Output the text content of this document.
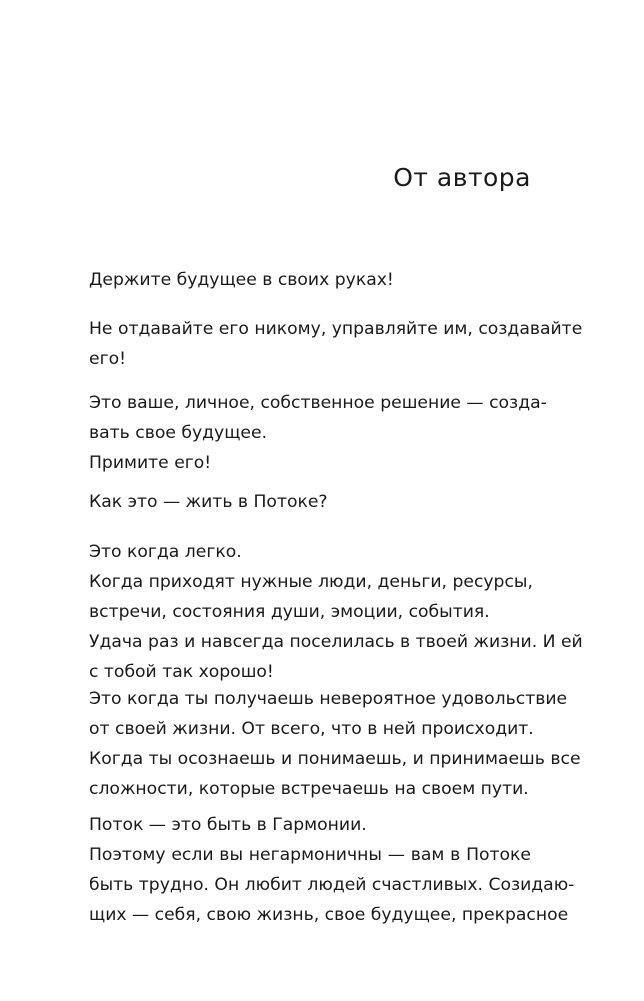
От автора
Держите будущее в своих руках!
Не отдавайте его никому, управляйте им, создавайте
его!
Это ваше, личное, собственное решение — созда-
вать свое будущее.
Примите его!
Как это — жить в Потоке?
Это когда легко.
Когда приходят нужные люди, деньги, ресурсы,
встречи, состояния души, эмоции, события.
Удача раз и навсегда поселилась в твоей жизни. И ей
с тобой так хорошо!
Это когда ты получаешь невероятное удовольствие
от своей жизни. От всего, что в ней происходит.
Когда ты осознаешь и понимаешь, и принимаешь все
сложности, которые встречаешь на своем пути.
Поток — это быть в Гармонии.
Поэтому если вы негармоничны — вам в Потоке
быть трудно. Он любит людей счастливых. Созидаю-
щих — себя, свою жизнь, свое будущее, прекрасное
